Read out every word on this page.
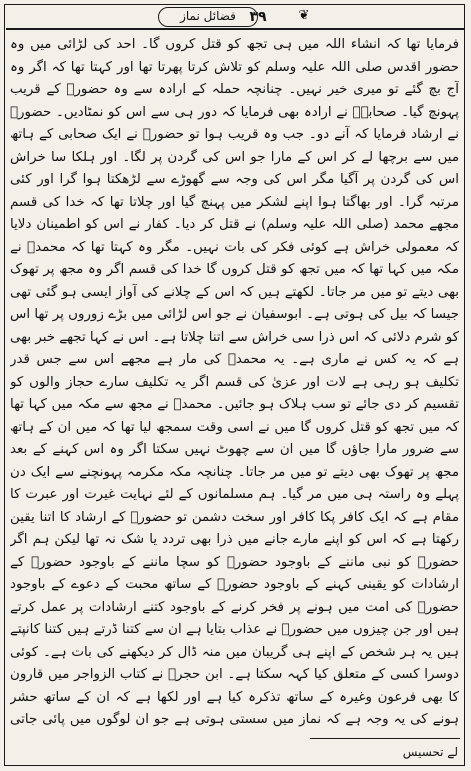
فضائل نماز ۳۹	❦
فرمایا تھا کہ انشاء اللہ میں ہی تجھ کو قتل کروں گا۔ احد کی لڑائی میں وہ حضور اقدس صلی اللہ علیہ وسلم کو تلاش کرتا پھرتا تھا اور کہتا تھا کہ اگر وہ آج بچ گئے تو میری خیر نہیں۔ چنانچہ حملہ کے ارادہ سے وہ حضورؐ کے قریب پہونچ گیا۔ صحابہؓ نے ارادہ بھی فرمایا کہ دور ہی سے اس کو نمٹادیں۔ حضورؐ نے ارشاد فرمایا کہ آنے دو۔ جب وہ قریب ہوا تو حضورؐ نے ایک صحابی کے ہاتھ میں سے برچھا لے کر اس کے مارا جو اس کی گردن پر لگا۔ اور ہلکا سا خراش اس کی گردن پر آگیا مگر اس کی وجہ سے گھوڑے سے لڑھکتا ہوا گرا اور کئی مرتبہ گرا۔ اور بھاگتا ہوا اپنے لشکر میں پہنچ گیا اور چلاتا تھا کہ خدا کی قسم مجھے محمد (صلی اللہ علیہ وسلم) نے قتل کر دیا۔ کفار نے اس کو اطمینان دلایا کہ معمولی خراش ہے کوئی فکر کی بات نہیں۔ مگر وہ کہتا تھا کہ محمدؐ نے مکہ میں کہا تھا کہ میں تجھ کو قتل کروں گا خدا کی قسم اگر وہ مجھ پر تھوک بھی دیتے تو میں مر جاتا۔ لکھتے ہیں کہ اس کے چلانے کی آواز ایسی ہو گئی تھی جیسا کہ بیل کی ہوتی ہے۔ ابوسفیان نے جو اس لڑائی میں بڑے زوروں پر تھا اس کو شرم دلائی کہ اس ذرا سی خراش سے اتنا چلاتا ہے۔ اس نے کہا تجھے خبر بھی ہے کہ یہ کس نے ماری ہے۔ یہ محمدؐ کی مار ہے مجھے اس سے جس قدر تکلیف ہو رہی ہے لات اور عزیٰ کی قسم اگر یہ تکلیف سارے حجاز والوں کو تقسیم کر دی جائے تو سب ہلاک ہو جائیں۔ محمدؐ نے مجھ سے مکہ میں کہا تھا کہ میں تجھ کو قتل کروں گا میں نے اسی وقت سمجھ لیا تھا کہ میں ان کے ہاتھ سے ضرور مارا جاؤں گا میں ان سے چھوٹ نہیں سکتا اگر وہ اس کہنے کے بعد مجھ پر تھوک بھی دیتے تو میں مر جاتا۔ چنانچہ مکہ مکرمہ پہونچنے سے ایک دن پہلے وہ راستہ ہی میں مر گیا۔ ہم مسلمانوں کے لئے نہایت غیرت اور عبرت کا مقام ہے کہ ایک کافر پکا کافر اور سخت دشمن تو حضورؐ کے ارشاد کا اتنا یقین رکھتا ہے کہ اس کو اپنے مارے جانے میں ذرا بھی تردد یا شک نہ تھا لیکن ہم اگر حضورؐ کو نبی ماننے کے باوجود حضورؐ کو سچا ماننے کے باوجود حضورؐ کے ارشادات کو یقینی کہنے کے باوجود حضورؐ کے ساتھ محبت کے دعوے کے باوجود حضورؐ کی امت میں ہونے پر فخر کرنے کے باوجود کتنے ارشادات پر عمل کرتے ہیں اور جن چیزوں میں حضورؐ نے عذاب بتایا ہے ان سے کتنا ڈرتے ہیں کتنا کانپتے ہیں یہ ہر شخص کے اپنے ہی گریبان میں منہ ڈال کر دیکھنے کی بات ہے۔ کوئی دوسرا کسی کے متعلق کیا کہہ سکتا ہے۔ ابن حجرؒ نے کتاب الزواجر میں قارون کا بھی فرعون وغیرہ کے ساتھ تذکرہ کیا ہے اور لکھا ہے کہ ان کے ساتھ حشر ہونے کی یہ وجہ ہے کہ نماز میں سستی ہوتی ہے جو ان لوگوں میں پائی جاتی
لے تحسیس
